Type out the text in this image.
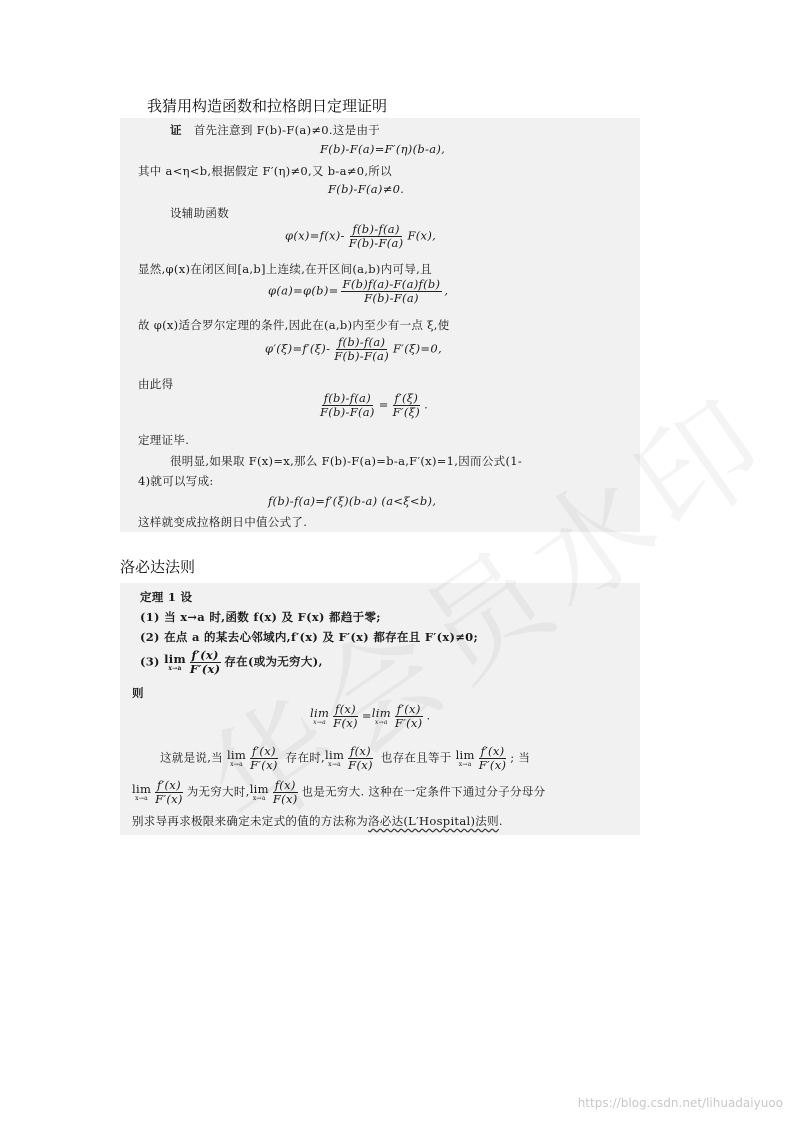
我猜用构造函数和拉格朗日定理证明
证 首先注意到 F(b)-F(a)≠0.这是由于
F(b)-F(a)=F′(η)(b-a),
其中 a<η<b,根据假定 F′(η)≠0,又 b-a≠0,所以
F(b)-F(a)≠0.
设辅助函数
$\varphi(x)=f(x)- \frac{f(b)-f(a)}{F(b)-F(a)} F(x)$,
显然,φ(x)在闭区间[a,b]上连续,在开区间(a,b)内可导,且
$\varphi(a)=\varphi(b)= \frac{F(b)f(a)-F(a)f(b)}{F(b)-F(a)}$ ,
故 φ(x)适合罗尔定理的条件,因此在(a,b)内至少有一点 ξ,使
$\varphi'(\xi)=f'(\xi)- \frac{f(b)-f(a)}{F(b)-F(a)} F'(\xi)=0$,
由此得
$\frac{f(b)-f(a)}{F(b)-F(a)} = \frac{f'(\xi)}{F'(\xi)}$ .
定理证毕.
很明显,如果取 F(x)=x,那么 F(b)-F(a)=b-a,F′(x)=1,因而公式(1-
4)就可以写成:
f(b)-f(a)=f′(ξ)(b-a) (a<ξ<b),
这样就变成拉格朗日中值公式了.
洛必达法则
定理 1 设
(1) 当 x→a 时,函数 f(x) 及 F(x) 都趋于零;
(2) 在点 a 的某去心邻域内,f′(x) 及 F′(x) 都存在且 F′(x)≠0;
(3) lim
$x\to a \frac{f'(x)}{F'(x)}$ 存在(或为无穷大),
则
lim
$x\to a \frac{f(x)}{F(x)} = \lim$
$x\to a \frac{f'(x)}{F'(x)}$ .
这就是说,当 lim
$x\to a \frac{f'(x)}{F'(x)}$ 存在时, lim
$x\to a \frac{f(x)}{F(x)}$ 也存在且等于 lim
$x\to a \frac{f'(x)}{F'(x)}$ ; 当
lim
$x\to a \frac{f'(x)}{F'(x)}$ 为无穷大时, lim
$x\to a \frac{f(x)}{F(x)}$ 也是无穷大. 这种在一定条件下通过分子分母分
别求导再求极限来确定未定式的值的方法称为洛必达(L′Hospital)法则.
https://blog.csdn.net/lihuadaiyuoo
